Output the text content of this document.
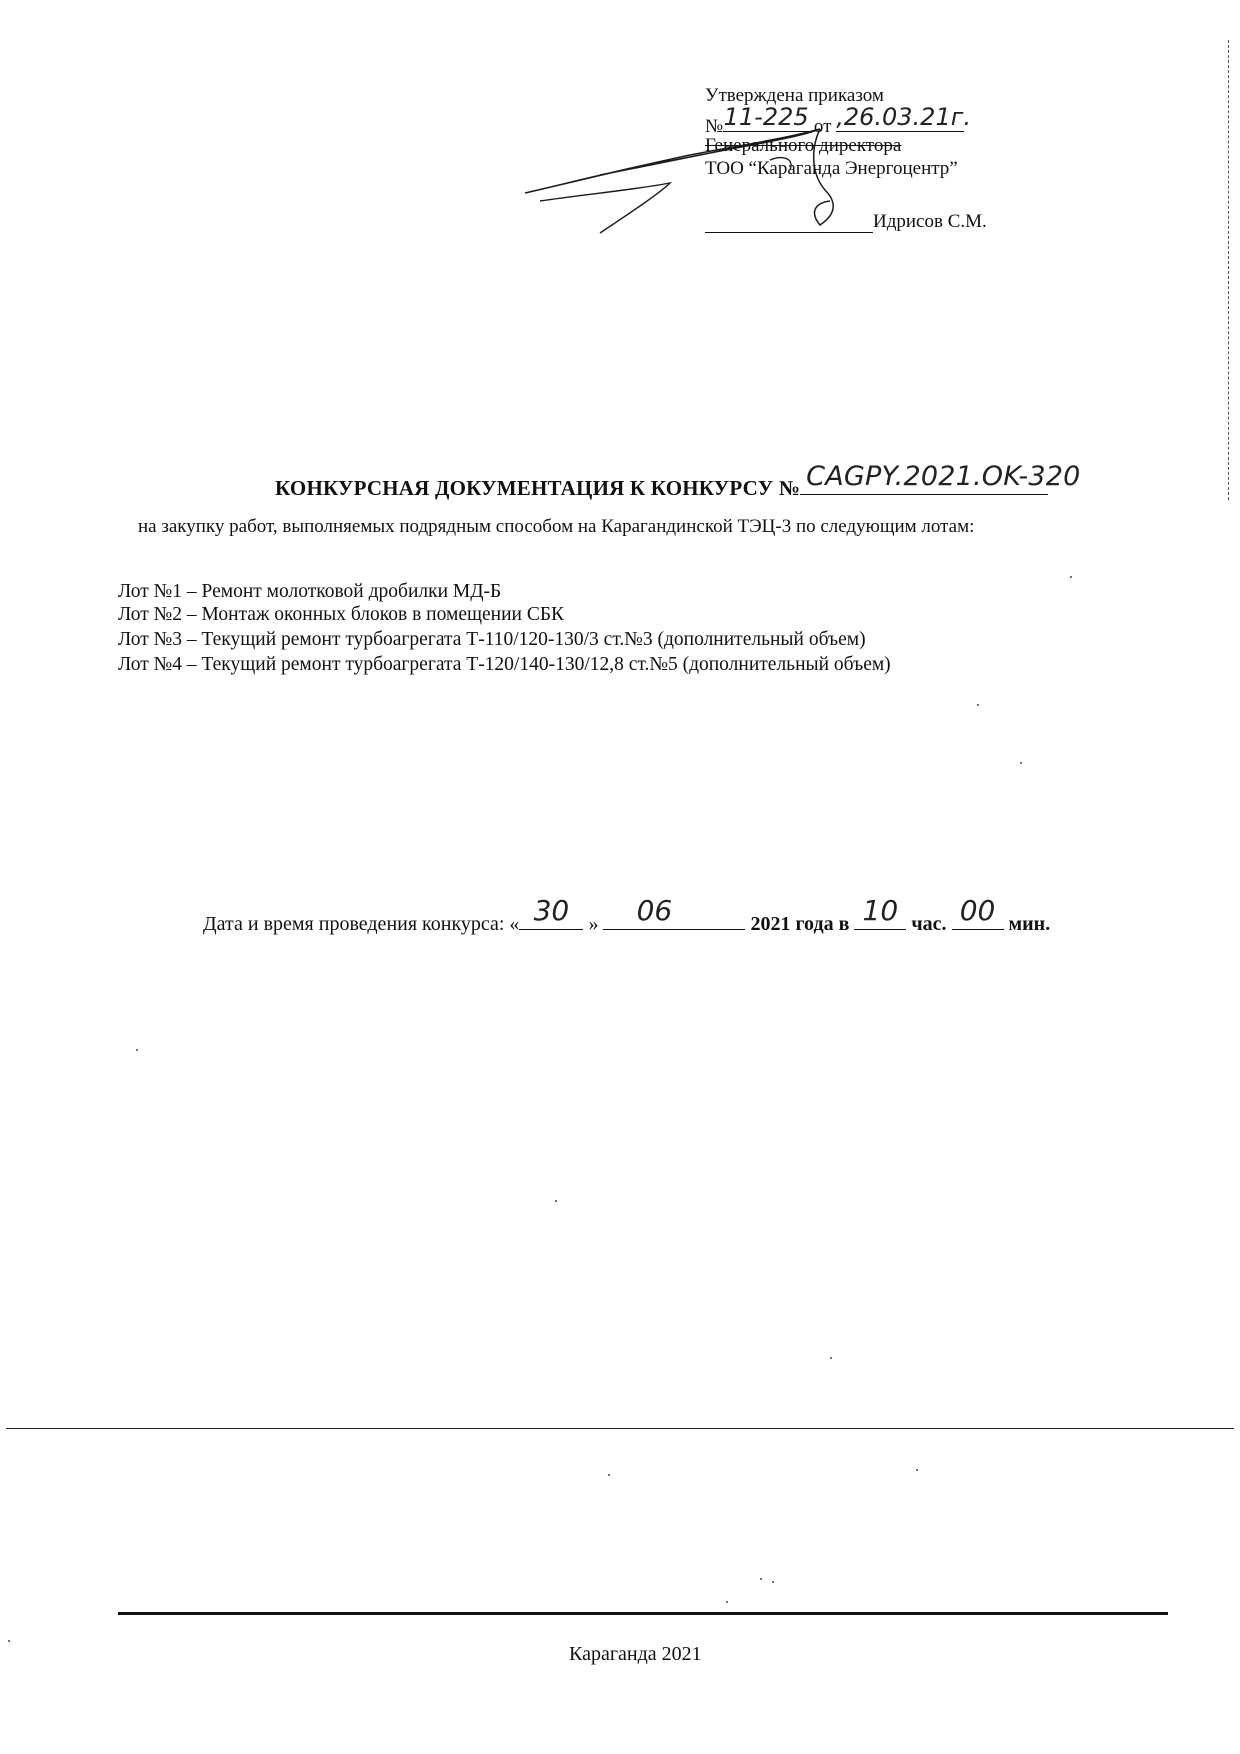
Утверждена приказом
№ 11-225 от ,26.03.21г.
Генерального директора
ТОО “Караганда Энергоцентр”
Идрисов С.М.
КОНКУРСНАЯ ДОКУМЕНТАЦИЯ К КОНКУРСУ № CAGPY.2021.OK-320
на закупку работ, выполняемых подрядным способом на Карагандинской ТЭЦ-3 по следующим лотам:
Лот №1 – Ремонт молотковой дробилки МД-Б
Лот №2 – Монтаж оконных блоков в помещении СБК
Лот №3 – Текущий ремонт турбоагрегата Т-110/120-130/3 ст.№3 (дополнительный объем)
Лот №4 – Текущий ремонт турбоагрегата Т-120/140-130/12,8 ст.№5 (дополнительный объем)
Дата и время проведения конкурса: « 30 »	06	2021 года в 10 час. 00 мин.
Караганда 2021
